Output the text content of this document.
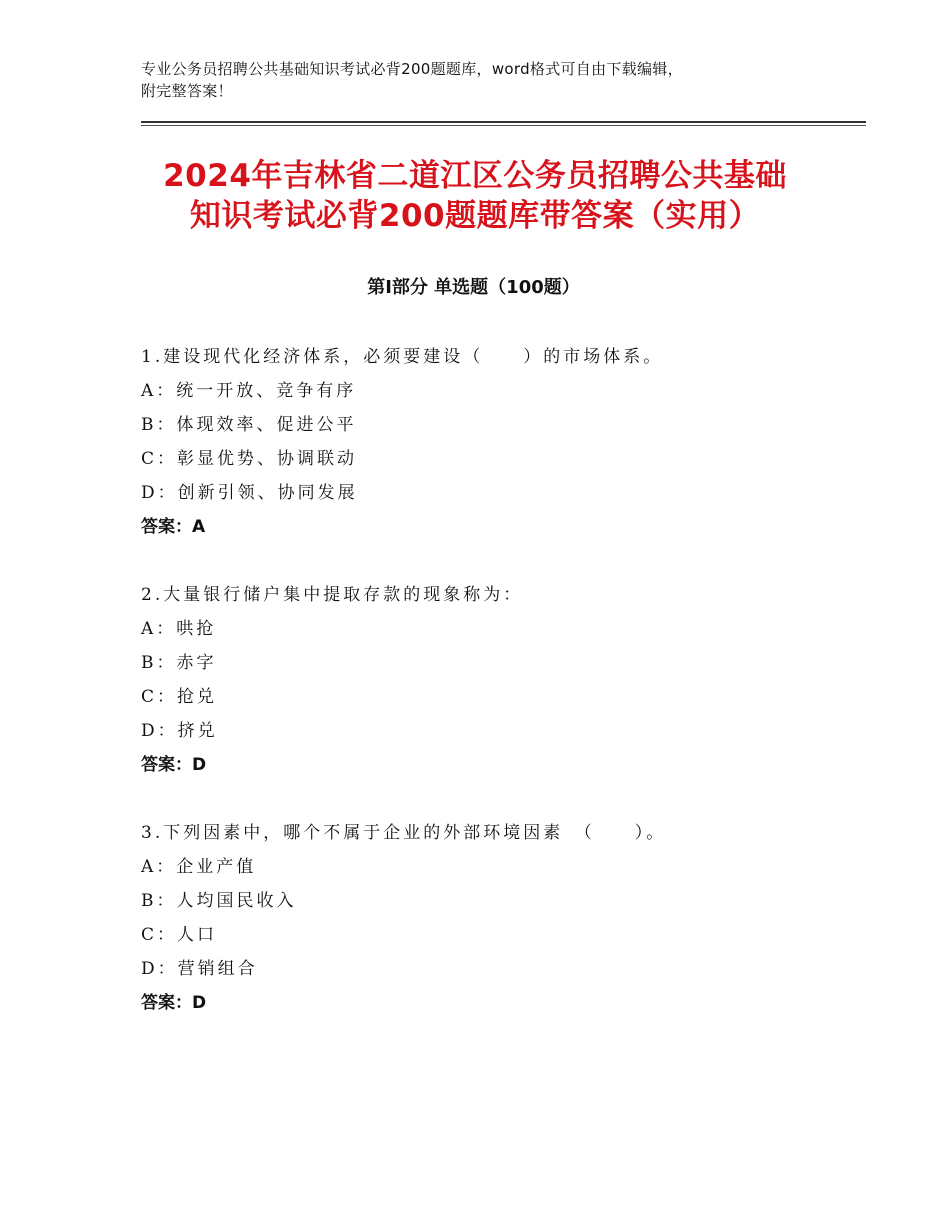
专业公务员招聘公共基础知识考试必背200题题库，word格式可自由下载编辑，
附完整答案！
2024年吉林省二道江区公务员招聘公共基础
知识考试必背200题题库带答案（实用）
第Ⅰ部分 单选题（100题）
1.建设现代化经济体系，必须要建设（　　）的市场体系。
A：统一开放、竞争有序
B：体现效率、促进公平
C：彰显优势、协调联动
D：创新引领、协同发展
答案：A
2.大量银行储户集中提取存款的现象称为：
A：哄抢
B：赤字
C：抢兑
D：挤兑
答案：D
3.下列因素中，哪个不属于企业的外部环境因素　（　　）。
A：企业产值
B：人均国民收入
C：人口
D：营销组合
答案：D
